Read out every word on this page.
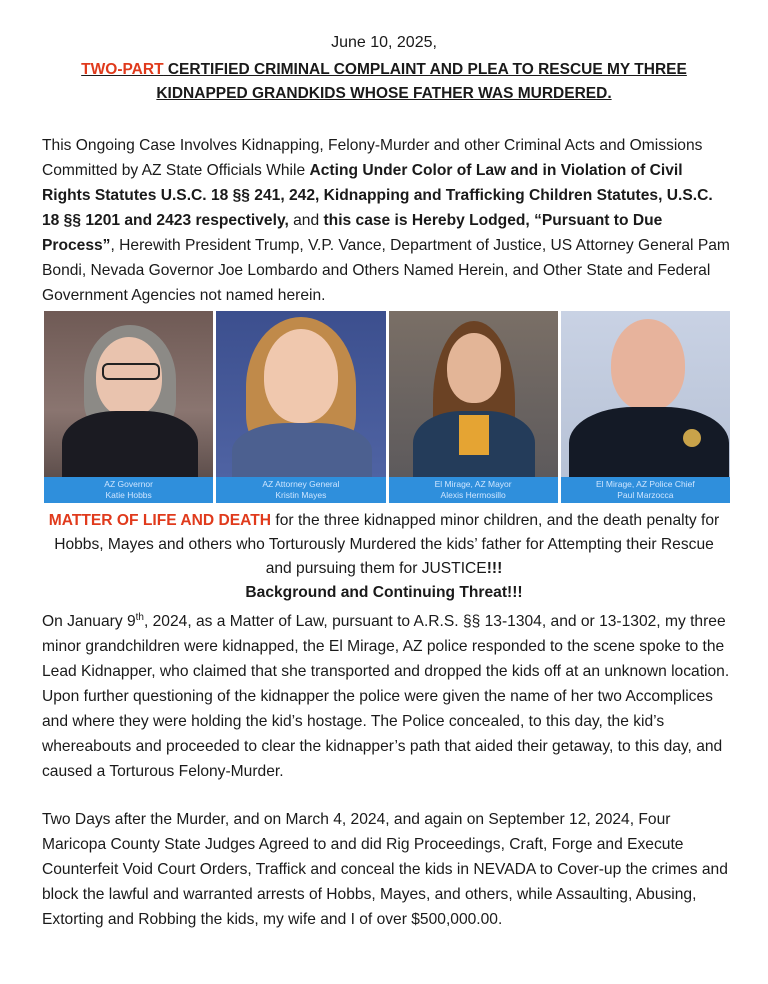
June 10, 2025,
TWO-PART CERTIFIED CRIMINAL COMPLAINT AND PLEA TO RESCUE MY THREE
KIDNAPPED GRANDKIDS WHOSE FATHER WAS MURDERED.
This Ongoing Case Involves Kidnapping, Felony-Murder and other Criminal Acts and Omissions Committed by AZ State Officials While Acting Under Color of Law and in Violation of Civil Rights Statutes U.S.C. 18 §§ 241, 242, Kidnapping and Trafficking Children Statutes, U.S.C. 18 §§ 1201 and 2423 respectively, and this case is Hereby Lodged, “Pursuant to Due Process”, Herewith President Trump, V.P. Vance, Department of Justice, US Attorney General Pam Bondi, Nevada Governor Joe Lombardo and Others Named Herein, and Other State and Federal Government Agencies not named herein.
AZ Governor
Katie Hobbs
AZ Attorney General
Kristin Mayes
El Mirage, AZ Mayor
Alexis Hermosillo
El Mirage, AZ Police Chief
Paul Marzocca
MATTER OF LIFE AND DEATH for the three kidnapped minor children, and the death penalty for Hobbs, Mayes and others who Torturously Murdered the kids’ father for Attempting their Rescue and pursuing them for JUSTICE!!!
Background and Continuing Threat!!!
On January 9th, 2024, as a Matter of Law, pursuant to A.R.S. §§ 13-1304, and or 13-1302, my three minor grandchildren were kidnapped, the El Mirage, AZ police responded to the scene spoke to the Lead Kidnapper, who claimed that she transported and dropped the kids off at an unknown location. Upon further questioning of the kidnapper the police were given the name of her two Accomplices and where they were holding the kid’s hostage. The Police concealed, to this day, the kid’s whereabouts and proceeded to clear the kidnapper’s path that aided their getaway, to this day, and caused a Torturous Felony-Murder.
Two Days after the Murder, and on March 4, 2024, and again on September 12, 2024, Four Maricopa County State Judges Agreed to and did Rig Proceedings, Craft, Forge and Execute Counterfeit Void Court Orders, Traffick and conceal the kids in NEVADA to Cover-up the crimes and block the lawful and warranted arrests of Hobbs, Mayes, and others, while Assaulting, Abusing, Extorting and Robbing the kids, my wife and I of over $500,000.00.
